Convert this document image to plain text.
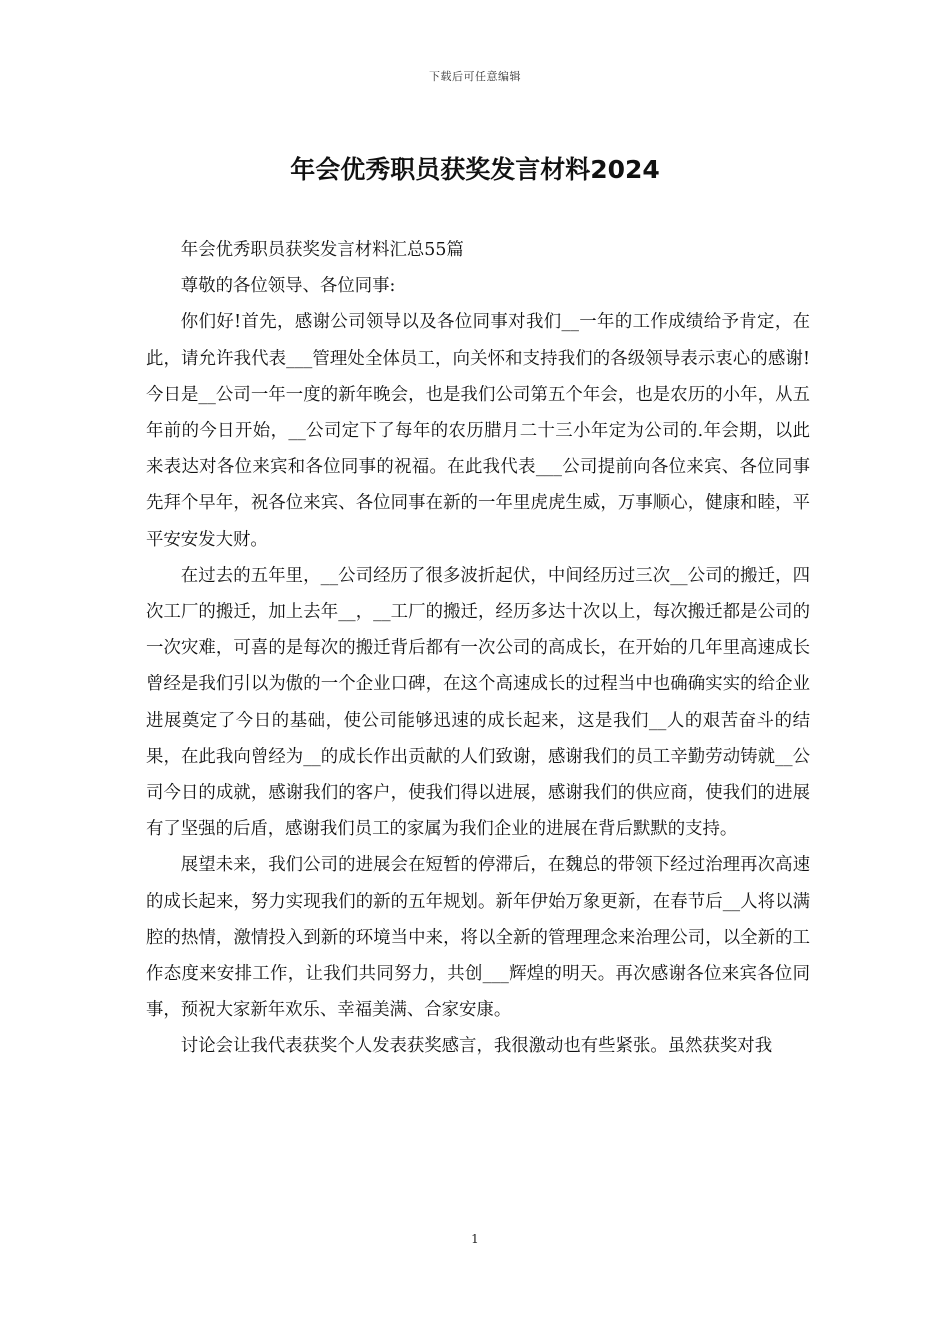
下载后可任意编辑
年会优秀职员获奖发言材料2024

年会优秀职员获奖发言材料汇总55篇

尊敬的各位领导、各位同事:

你们好!首先，感谢公司领导以及各位同事对我们__一年的工作成绩给予肯定，在此，请允许我代表___管理处全体员工，向关怀和支持我们的各级领导表示衷心的感谢!今日是__公司一年一度的新年晚会，也是我们公司第五个年会，也是农历的小年，从五年前的今日开始，__公司定下了每年的农历腊月二十三小年定为公司的.年会期，以此来表达对各位来宾和各位同事的祝福。在此我代表___公司提前向各位来宾、各位同事先拜个早年，祝各位来宾、各位同事在新的一年里虎虎生威，万事顺心，健康和睦，平平安安发大财。

在过去的五年里，__公司经历了很多波折起伏，中间经历过三次__公司的搬迁，四次工厂的搬迁，加上去年__，__工厂的搬迁，经历多达十次以上，每次搬迁都是公司的一次灾难，可喜的是每次的搬迁背后都有一次公司的高成长，在开始的几年里高速成长曾经是我们引以为傲的一个企业口碑，在这个高速成长的过程当中也确确实实的给企业进展奠定了今日的基础，使公司能够迅速的成长起来，这是我们__人的艰苦奋斗的结果，在此我向曾经为__的成长作出贡献的人们致谢，感谢我们的员工辛勤劳动铸就__公司今日的成就，感谢我们的客户，使我们得以进展，感谢我们的供应商，使我们的进展有了坚强的后盾，感谢我们员工的家属为我们企业的进展在背后默默的支持。

展望未来，我们公司的进展会在短暂的停滞后，在魏总的带领下经过治理再次高速的成长起来，努力实现我们的新的五年规划。新年伊始万象更新，在春节后__人将以满腔的热情，激情投入到新的环境当中来，将以全新的管理理念来治理公司，以全新的工作态度来安排工作，让我们共同努力，共创___辉煌的明天。再次感谢各位来宾各位同事，预祝大家新年欢乐、幸福美满、合家安康。

讨论会让我代表获奖个人发表获奖感言，我很激动也有些紧张。虽然获奖对我

1
